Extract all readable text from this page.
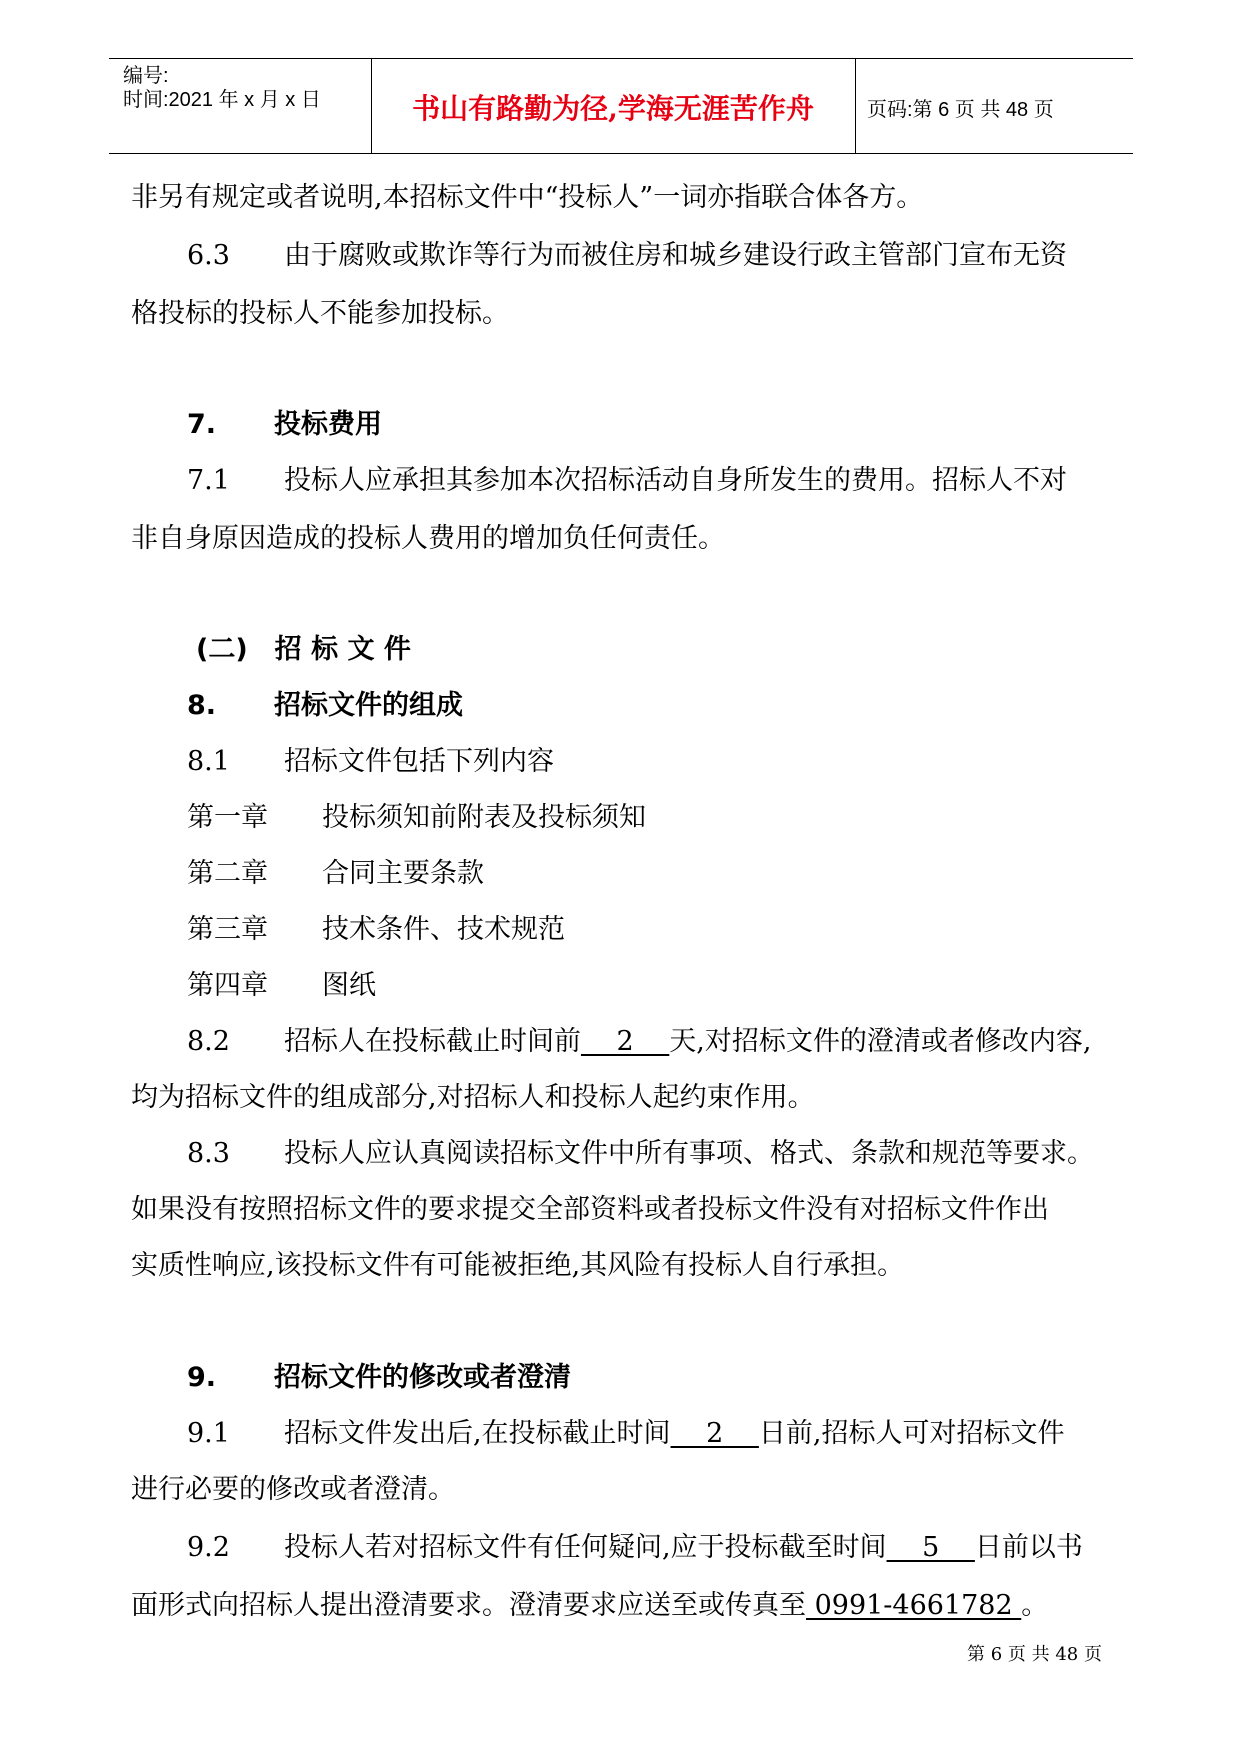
编号:
时间:2021 年 x 月 x 日	书山有路勤为径,学海无涯苦作舟	页码:第 6 页 共 48 页
非另有规定或者说明,本招标文件中“投标人”一词亦指联合体各方。
6.3　　由于腐败或欺诈等行为而被住房和城乡建设行政主管部门宣布无资
格投标的投标人不能参加投标。
7. 投标费用
7.1　　投标人应承担其参加本次招标活动自身所发生的费用。招标人不对
非自身原因造成的投标人费用的增加负任何责任。
(二)　招 标 文 件
8. 招标文件的组成
8.1　　招标文件包括下列内容
第一章　　投标须知前附表及投标须知
第二章　　合同主要条款
第三章　　技术条件、技术规范
第四章　　图纸
8.2　　招标人在投标截止时间前　 2 　天,对招标文件的澄清或者修改内容,
均为招标文件的组成部分,对招标人和投标人起约束作用。
8.3　　投标人应认真阅读招标文件中所有事项、格式、条款和规范等要求。
如果没有按照招标文件的要求提交全部资料或者投标文件没有对招标文件作出
实质性响应,该投标文件有可能被拒绝,其风险有投标人自行承担。
9. 招标文件的修改或者澄清
9.1　　招标文件发出后,在投标截止时间　 2 　日前,招标人可对招标文件
进行必要的修改或者澄清。
9.2　　投标人若对招标文件有任何疑问,应于投标截至时间　 5 　日前以书
面形式向招标人提出澄清要求。澄清要求应送至或传真至 0991-4661782 。
第 6 页 共 48 页
